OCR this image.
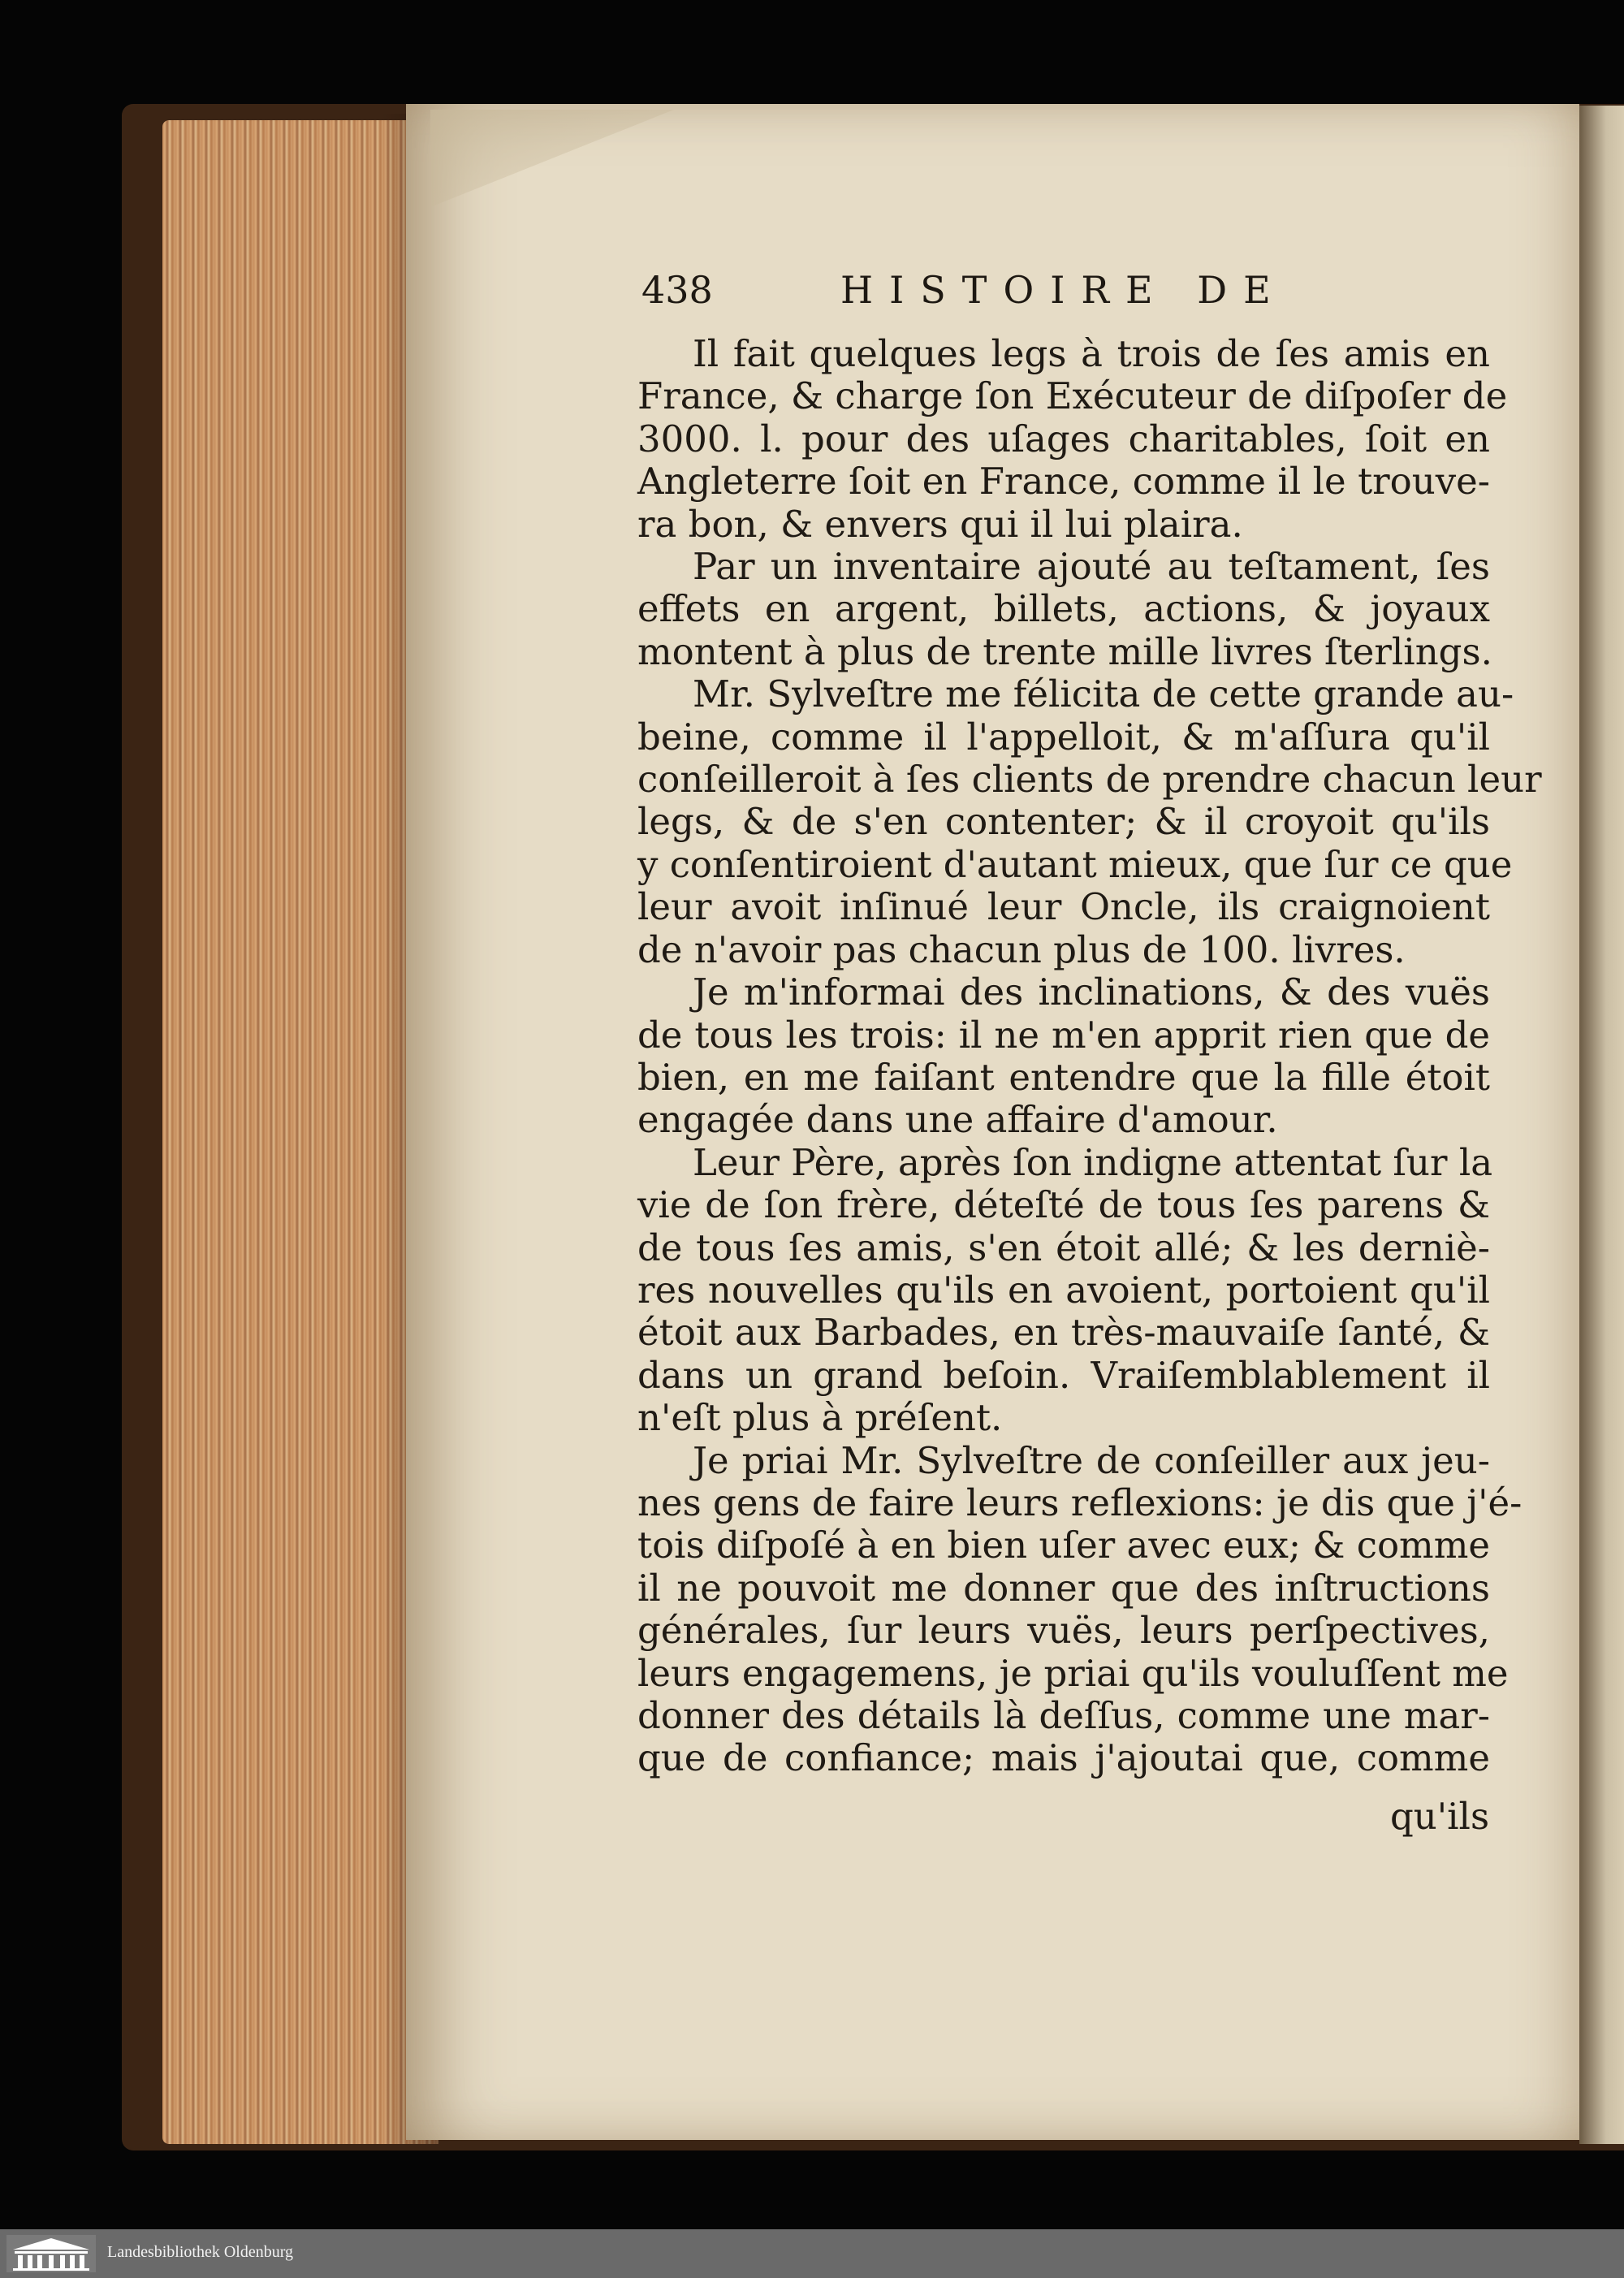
438	HISTOIRE DE
Il fait quelques legs à trois de ſes amis en
France, & charge ſon Exécuteur de diſpoſer de
3000. l. pour des uſages charitables, ſoit en
Angleterre ſoit en France, comme il le trouve-
ra bon, & envers qui il lui plaira.
Par un inventaire ajouté au teſtament, ſes
effets en argent, billets, actions, & joyaux
montent à plus de trente mille livres ſterlings.
Mr. Sylveſtre me félicita de cette grande au-
beine, comme il l'appelloit, & m'aſſura qu'il
conſeilleroit à ſes clients de prendre chacun leur
legs, & de s'en contenter; & il croyoit qu'ils
y conſentiroient d'autant mieux, que ſur ce que
leur avoit inſinué leur Oncle, ils craignoient
de n'avoir pas chacun plus de 100. livres.
Je m'informai des inclinations, & des vuës
de tous les trois: il ne m'en apprit rien que de
bien, en me faiſant entendre que la fille étoit
engagée dans une affaire d'amour.
Leur Père, après ſon indigne attentat ſur la
vie de ſon frère, déteſté de tous ſes parens &
de tous ſes amis, s'en étoit allé; & les derniè-
res nouvelles qu'ils en avoient, portoient qu'il
étoit aux Barbades, en très-mauvaiſe ſanté, &
dans un grand beſoin. Vraiſemblablement il
n'eſt plus à préſent.
Je priai Mr. Sylveſtre de conſeiller aux jeu-
nes gens de faire leurs reflexions: je dis que j'é-
tois diſpoſé à en bien uſer avec eux; & comme
il ne pouvoit me donner que des inſtructions
générales, ſur leurs vuës, leurs perſpectives,
leurs engagemens, je priai qu'ils vouluſſent me
donner des détails là deſſus, comme une mar-
que de confiance; mais j'ajoutai que, comme
qu'ils
Landesbibliothek Oldenburg
